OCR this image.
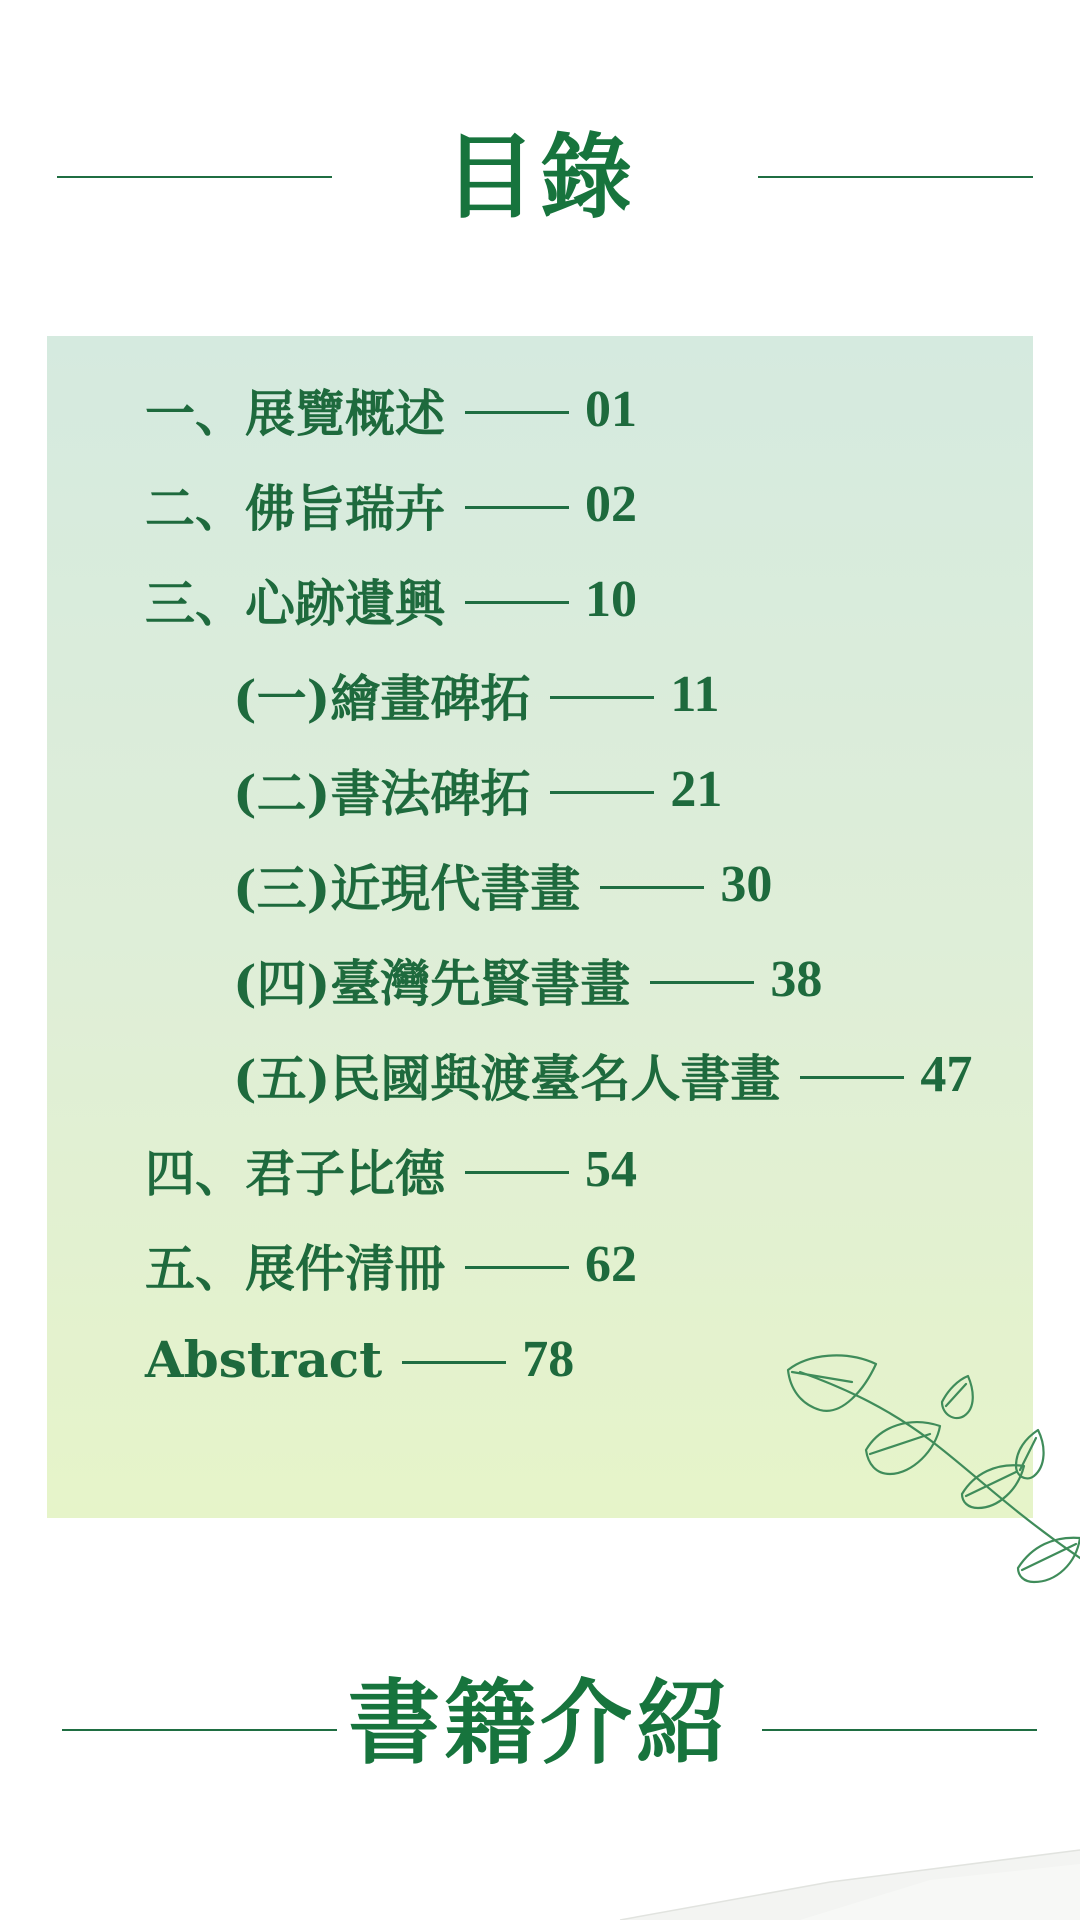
目錄
一、展覽概述	01
二、佛旨瑞卉	02
三、心跡遺興	10
(一)繪畫碑拓	11
(二)書法碑拓	21
(三)近現代書畫	30
(四)臺灣先賢書畫	38
(五)民國與渡臺名人書畫	47
四、君子比德	54
五、展件清冊	62
Abstract	78
書籍介紹
